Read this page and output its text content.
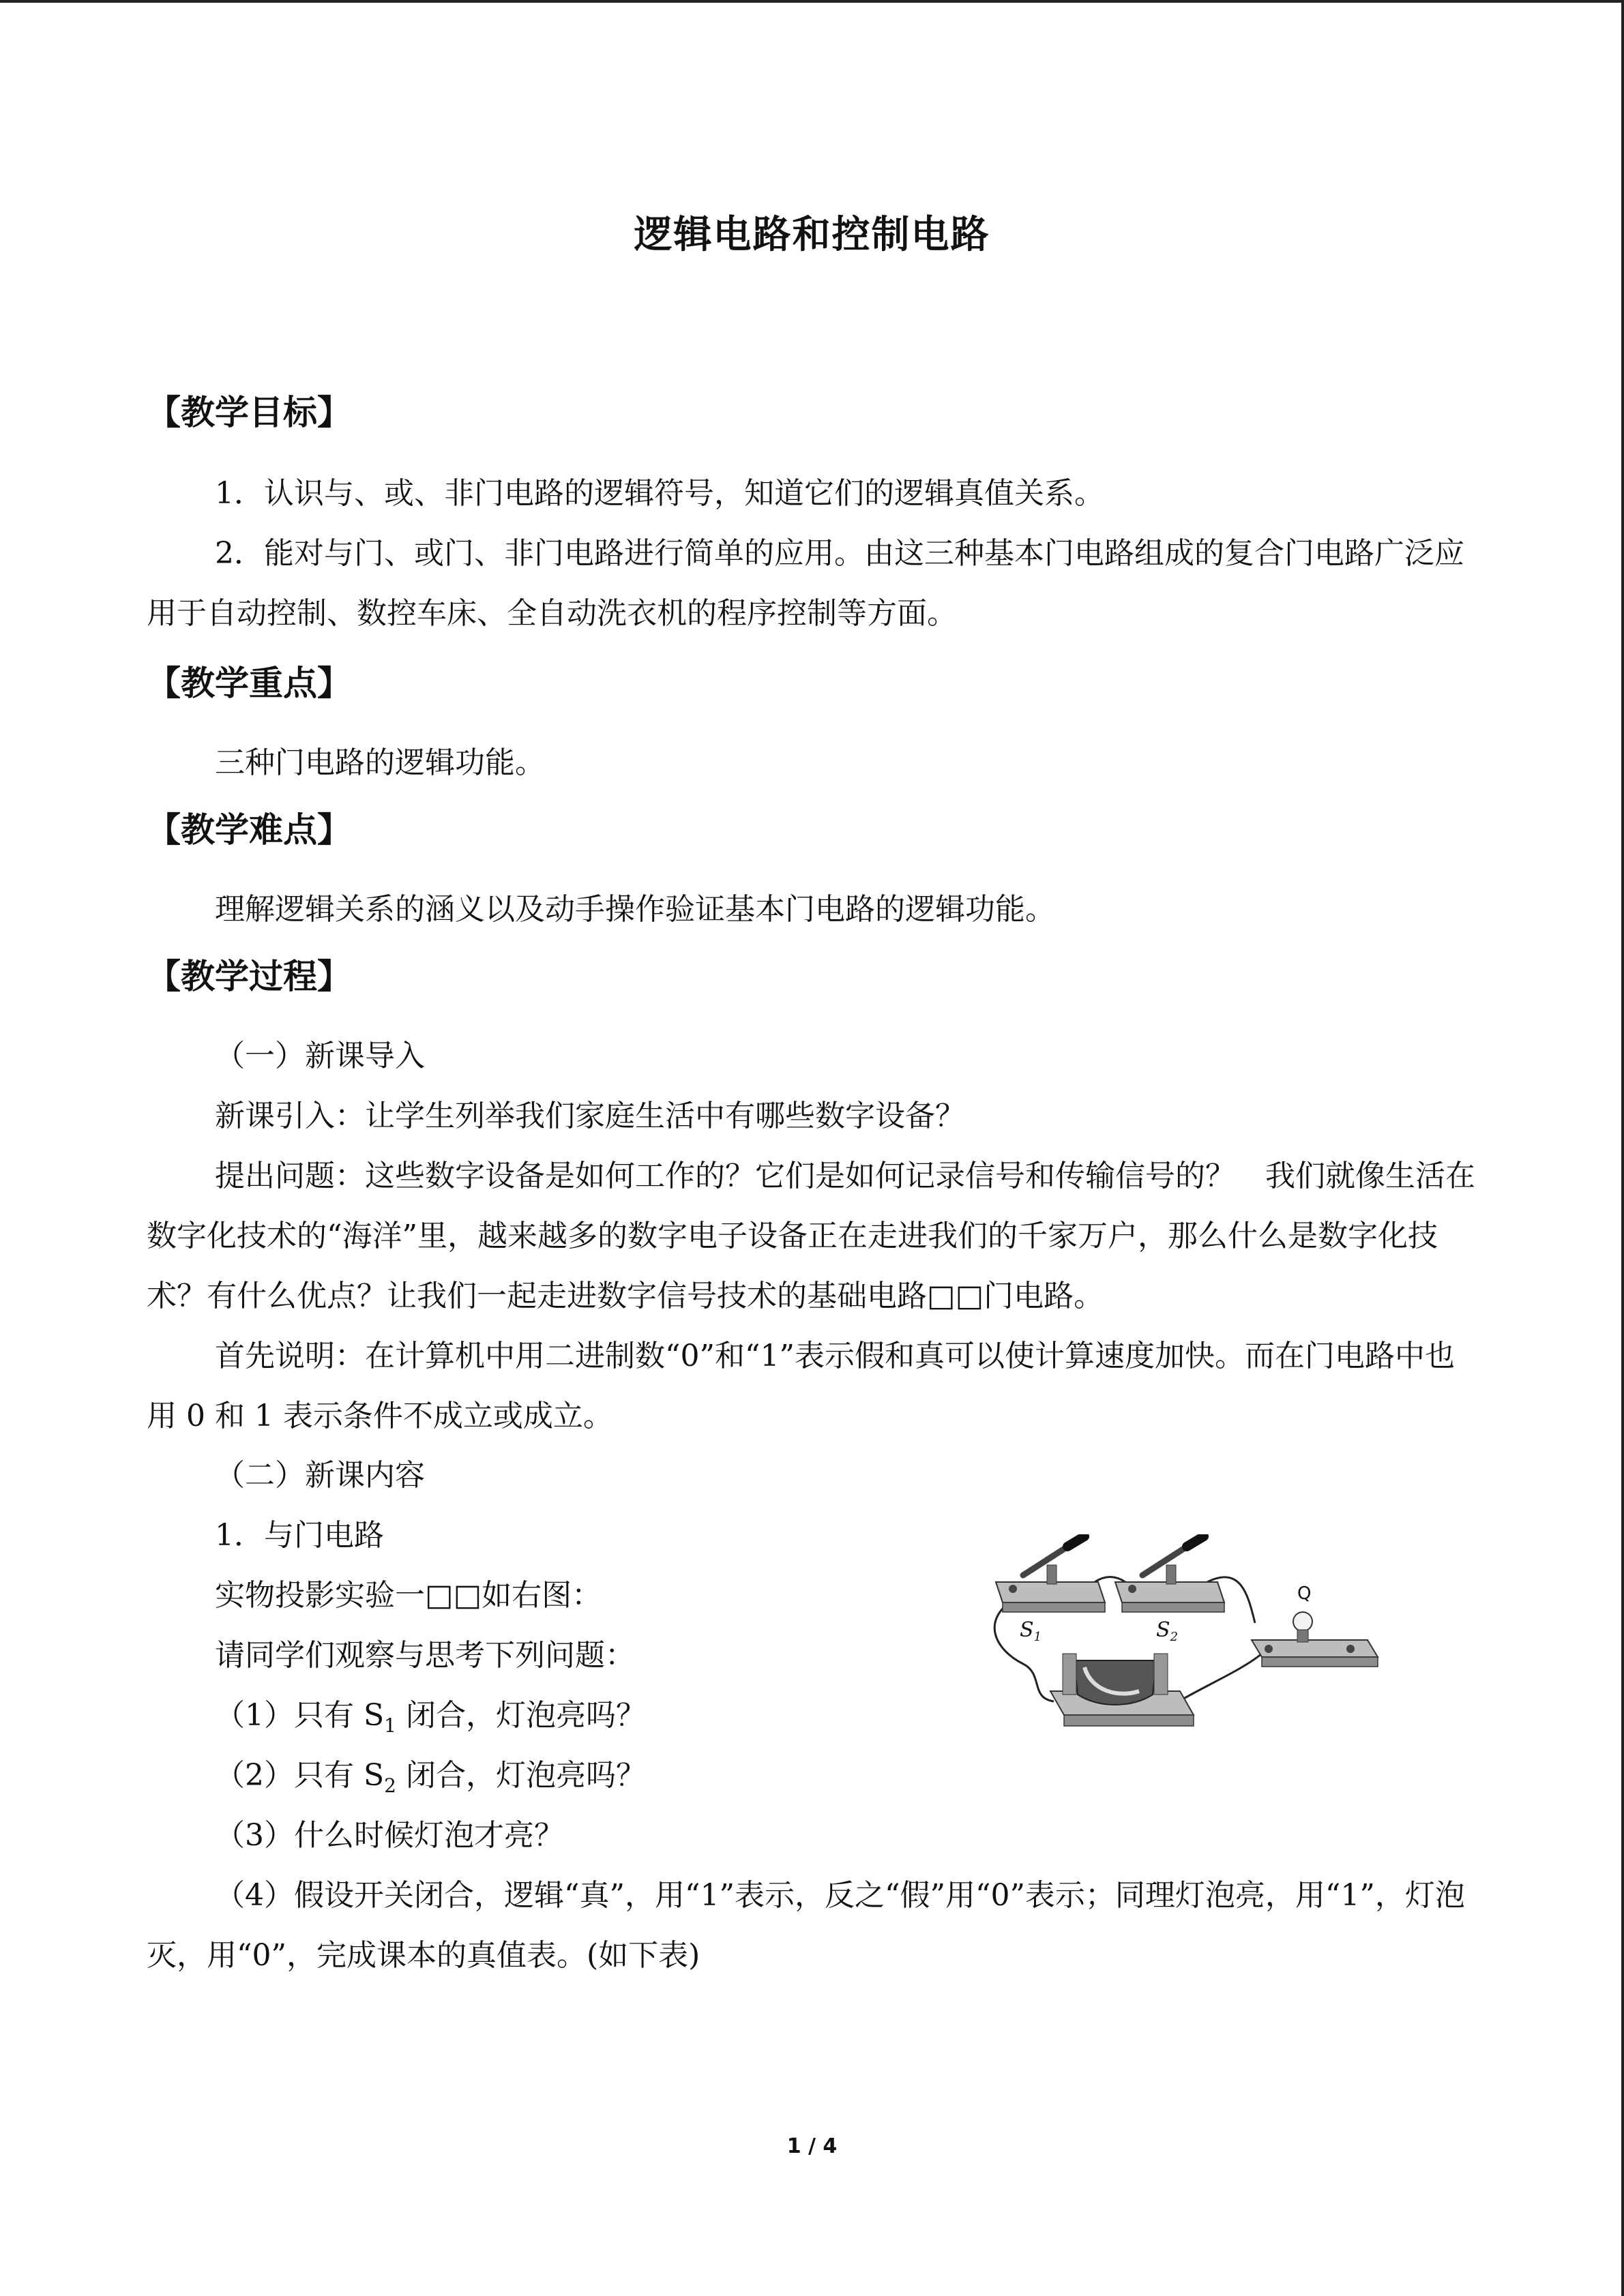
逻辑电路和控制电路
【教学目标】

1．认识与、或、非门电路的逻辑符号，知道它们的逻辑真值关系。

2．能对与门、或门、非门电路进行简单的应用。由这三种基本门电路组成的复合门电路广泛应用于自动控制、数控车床、全自动洗衣机的程序控制等方面。

【教学重点】

三种门电路的逻辑功能。

【教学难点】

理解逻辑关系的涵义以及动手操作验证基本门电路的逻辑功能。

【教学过程】

（一）新课导入

新课引入：让学生列举我们家庭生活中有哪些数字设备？

提出问题：这些数字设备是如何工作的？它们是如何记录信号和传输信号的？　我们就像生活在数字化技术的“海洋”里，越来越多的数字电子设备正在走进我们的千家万户，那么什么是数字化技术？有什么优点？让我们一起走进数字信号技术的基础电路□□门电路。

首先说明：在计算机中用二进制数“0”和“1”表示假和真可以使计算速度加快。而在门电路中也用 0 和 1 表示条件不成立或成立。

（二）新课内容

1．与门电路

实物投影实验一□□如右图：

请同学们观察与思考下列问题：

（1）只有 $S_1$ 闭合，灯泡亮吗？

（2）只有 $S_2$ 闭合，灯泡亮吗？

（3）什么时候灯泡才亮？

（4）假设开关闭合，逻辑“真”，用“1”表示，反之“假”用“0”表示；同理灯泡亮，用“1”，灯泡灭，用“0”，完成课本的真值表。(如下表)

$S_1$	$S_2$
Q
1 / 4
